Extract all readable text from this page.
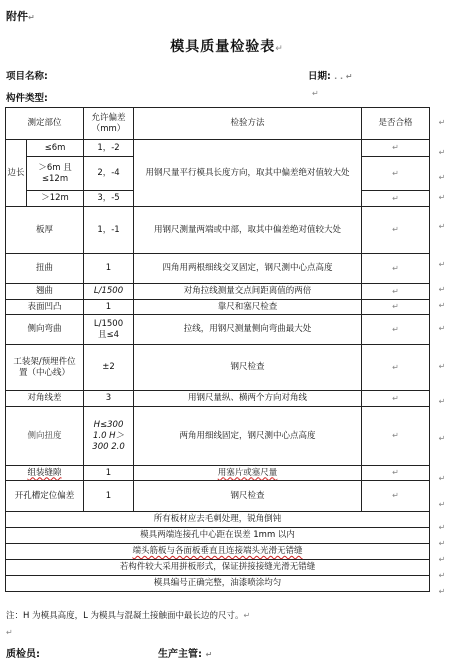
附件↵
模具质量检验表↵
项目名称:	日期: . . ↵
构件类型:	↵
测定部位		允许偏差（mm）	检验方法	是否合格
边长	≤6m	1，-2	用钢尺量平行模具长度方向，取其中偏差绝对值较大处	↵
	＞6m 且≤12m	2，-4		↵
	＞12m	3，-5		↵
板厚		1，-1	用钢尺测量两端或中部，取其中偏差绝对值较大处	↵
扭曲		1	四角用两根细线交叉固定，钢尺测中心点高度	↵
翘曲		L/1500	对角拉线测量交点间距离值的两倍	↵
表面凹凸		1	靠尺和塞尺检查	↵
侧向弯曲		L/1500且≤4	拉线，用钢尺测量侧向弯曲最大处	↵
工装架/预埋件位置（中心线）		±2	钢尺检查	↵
对角线差		3	用钢尺量纵、横两个方向对角线	↵
侧向扭度		H≤300 1.0 H＞300 2.0	两角用细线固定，钢尺测中心点高度	↵
组装缝隙		1	用塞片或塞尺量	↵
开孔槽定位偏差		1	钢尺检查	↵
所有板材应去毛刺处理，锐角倒钝				
模具两端连接孔中心距在误差 1mm 以内				
端头筋板与各面板垂直且连接端头光滑无错缝				
若构件较大采用拼板形式，保证拼接接缝光滑无错缝				
模具编号正确完整，油漆喷涂均匀				
↵
↵
↵
↵
↵
↵
↵
↵
↵
↵
↵
↵
↵
↵
↵
↵
↵
↵
↵
注：H 为模具高度，L 为模具与混凝土接触面中最长边的尺寸。↵
↵
质检员:	生产主管: ↵
